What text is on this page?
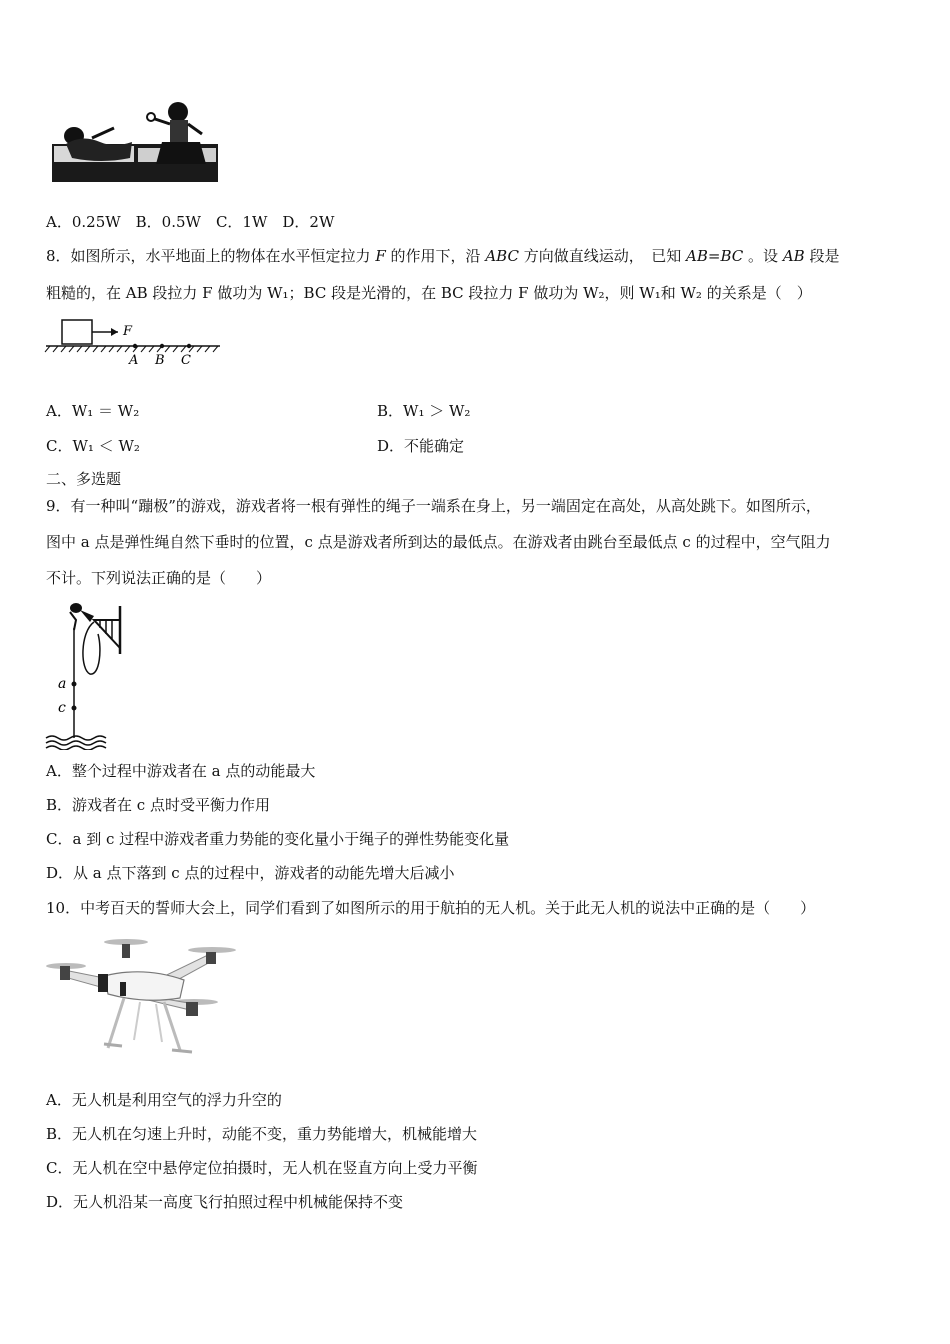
A．0.25W　B．0.5W　C．1W　D．2W
8．如图所示，水平地面上的物体在水平恒定拉力 F 的作用下，沿 ABC 方向做直线运动，　已知 AB=BC 。设 AB 段是
粗糙的，在 AB 段拉力 F 做功为 W₁；BC 段是光滑的，在 BC 段拉力 F 做功为 W₂，则 W₁和 W₂ 的关系是（　）
F
A B C
A．W₁ ＝ W₂	B．W₁ ＞ W₂
C．W₁ ＜ W₂	D．不能确定
二、多选题
9．有一种叫“蹦极”的游戏，游戏者将一根有弹性的绳子一端系在身上，另一端固定在高处，从高处跳下。如图所示，
图中 a 点是弹性绳自然下垂时的位置，c 点是游戏者所到达的最低点。在游戏者由跳台至最低点 c 的过程中，空气阻力
不计。下列说法正确的是（　　）
a
c
A．整个过程中游戏者在 a 点的动能最大
B．游戏者在 c 点时受平衡力作用
C．a 到 c 过程中游戏者重力势能的变化量小于绳子的弹性势能变化量
D．从 a 点下落到 c 点的过程中，游戏者的动能先增大后减小
10．中考百天的誓师大会上，同学们看到了如图所示的用于航拍的无人机。关于此无人机的说法中正确的是（　　）
A．无人机是利用空气的浮力升空的
B．无人机在匀速上升时，动能不变，重力势能增大，机械能增大
C．无人机在空中悬停定位拍摄时，无人机在竖直方向上受力平衡
D．无人机沿某一高度飞行拍照过程中机械能保持不变
